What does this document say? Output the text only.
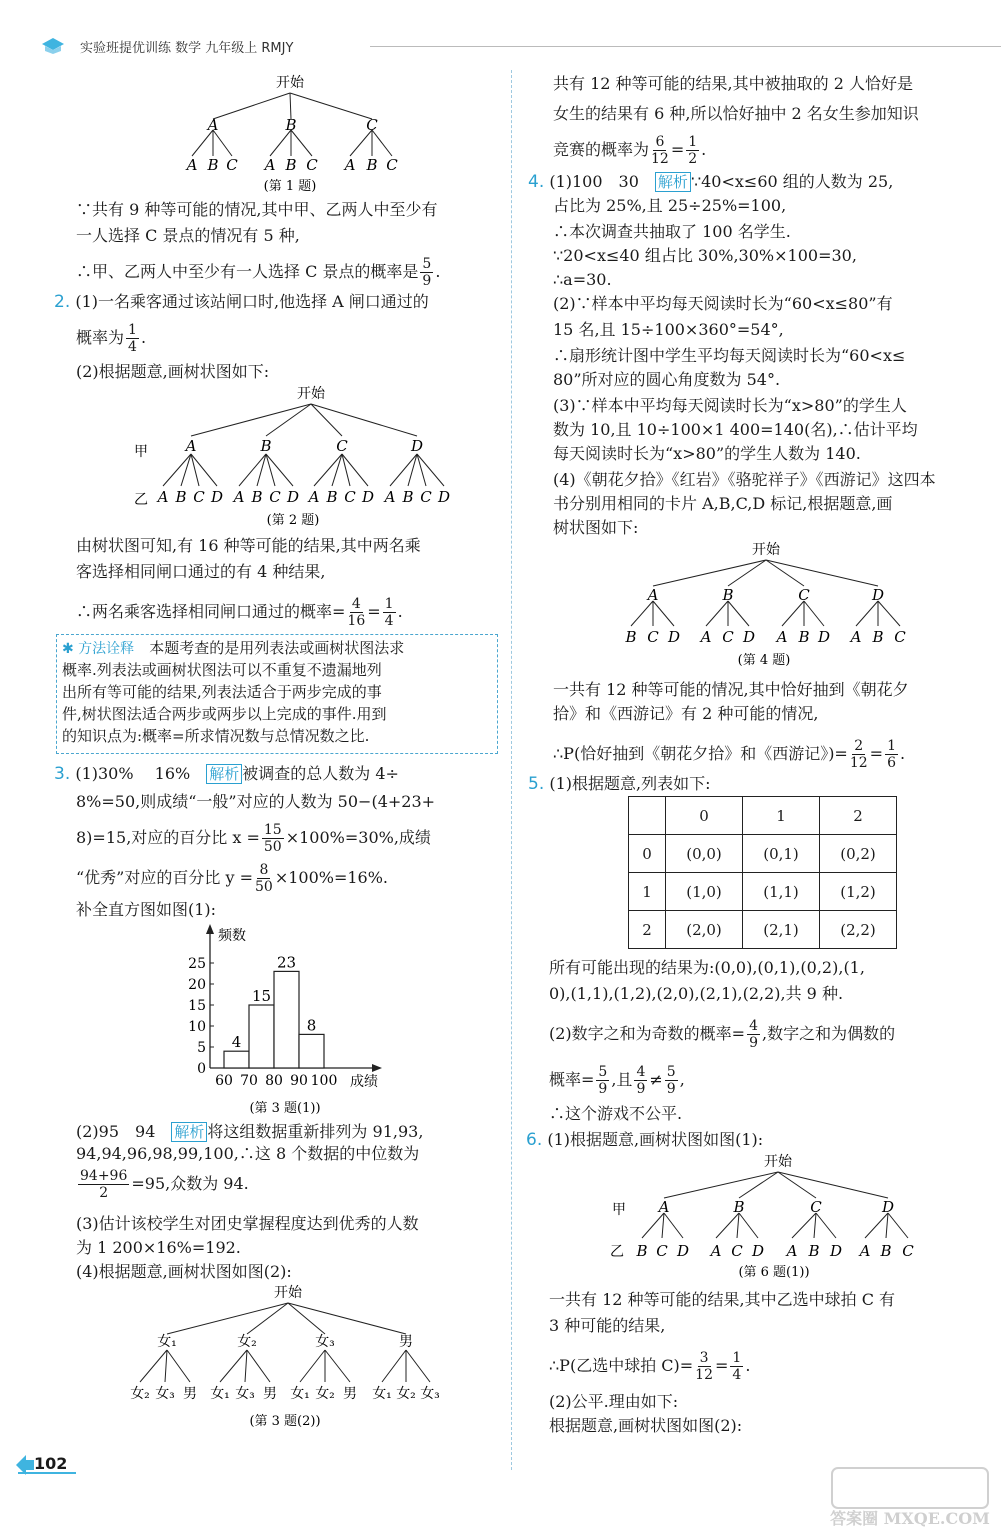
实验班提优训练 数学 九年级上 RMJY
开始
A	B	C
A B C A B C A B C
(第 1 题)
∵共有 9 种等可能的情况,其中甲、乙两人中至少有
一人选择 C 景点的情况有 5 种,
∴甲、乙两人中至少有一人选择 C 景点的概率是 $\frac{5}{9}$ .
2. (1)一名乘客通过该站闸口时,他选择 A 闸口通过的
概率为 $\frac{1}{4}$ .
(2)根据题意,画树状图如下:
开始
甲
乙
A	B	C	D
A B C D A B C D A B C D A B C D
(第 2 题)
由树状图可知,有 16 种等可能的结果,其中两名乘
客选择相同闸口通过的有 4 种结果,
∴两名乘客选择相同闸口通过的概率= $\frac{4}{16} = \frac{1}{4}$ .
✱ 方法诠释　 本题考查的是用列表法或画树状图法求
概率.列表法或画树状图法可以不重复不遗漏地列
出所有等可能的结果,列表法适合于两步完成的事
件,树状图法适合两步或两步以上完成的事件.用到
的知识点为:概率=所求情况数与总情况数之比.
3. (1)30%　 16%　 解析 被调查的总人数为 4÷
8%=50,则成绩“一般”对应的人数为 50−(4+23+
8)=15,对应的百分比 $x = \frac{15}{50} \times 100\%=30\%$,成绩
“优秀”对应的百分比 $y = \frac{8}{50} \times 100\%=16\%$.
补全直方图如图(1):
频数
成绩
0
5
10
15
20
25
60 70 80 90 100
4
15
23
8
(第 3 题(1))
(2)95　94　 解析 将这组数据重新排列为 91,93,
94,94,96,98,99,100,∴这 8 个数据的中位数为
$\frac{94+96}{2} =95$,众数为 94.
(3)估计该校学生对团史掌握程度达到优秀的人数
为 1 200×16%=192.
(4)根据题意,画树状图如图(2):
开始
女₁	女₂	女₃	男
女₂ 女₃ 男 女₁ 女₃ 男 女₁ 女₂ 男 女₁ 女₂ 女₃
(第 3 题(2))
102
共有 12 种等可能的结果,其中被抽取的 2 人恰好是
女生的结果有 6 种,所以恰好抽中 2 名女生参加知识
竞赛的概率为 $\frac{6}{12} = \frac{1}{2}$ .
4. (1)100　30　 解析 ∵40<x≤60 组的人数为 25,
占比为 25%,且 25÷25%=100,
∴本次调查共抽取了 100 名学生.
∵20<x≤40 组占比 30%,30%×100=30,
∴a=30.
(2)∵样本中平均每天阅读时长为“60<x≤80”有
15 名,且 15÷100×360°=54°,
∴扇形统计图中学生平均每天阅读时长为“60<x≤
80”所对应的圆心角度数为 54°.
(3)∵样本中平均每天阅读时长为“x>80”的学生人
数为 10,且 10÷100×1 400=140(名),∴估计平均
每天阅读时长为“x>80”的学生人数为 140.
(4)《朝花夕拾》《红岩》《骆驼祥子》《西游记》这四本
书分别用相同的卡片 A,B,C,D 标记,根据题意,画
树状图如下:
开始
A	B	C	D
B C D A C D A B D A B C
(第 4 题)
一共有 12 种等可能的情况,其中恰好抽到《朝花夕
拾》和《西游记》有 2 种可能的情况,
∴P(恰好抽到《朝花夕拾》和《西游记》)= $\frac{2}{12} = \frac{1}{6}$ .
5. (1)根据题意,列表如下:
	0	1	2
0	(0,0)	(0,1)	(0,2)
1	(1,0)	(1,1)	(1,2)
2	(2,0)	(2,1)	(2,2)
所有可能出现的结果为:(0,0),(0,1),(0,2),(1,
0),(1,1),(1,2),(2,0),(2,1),(2,2),共 9 种.
(2)数字之和为奇数的概率= $\frac{4}{9}$ ,数字之和为偶数的
概率= $\frac{5}{9}$ ,且 $\frac{4}{9} \ne \frac{5}{9}$ ,
∴这个游戏不公平.
6. (1)根据题意,画树状图如图(1):
开始
甲
乙
A	B	C	D
B C D A C D A B D A B C
(第 6 题(1))
一共有 12 种等可能的结果,其中乙选中球拍 C 有
3 种可能的结果,
∴P(乙选中球拍 $C)= \frac{3}{12} = \frac{1}{4}$ .
(2)公平.理由如下:
根据题意,画树状图如图(2):
答案圈 MXQE.COM
